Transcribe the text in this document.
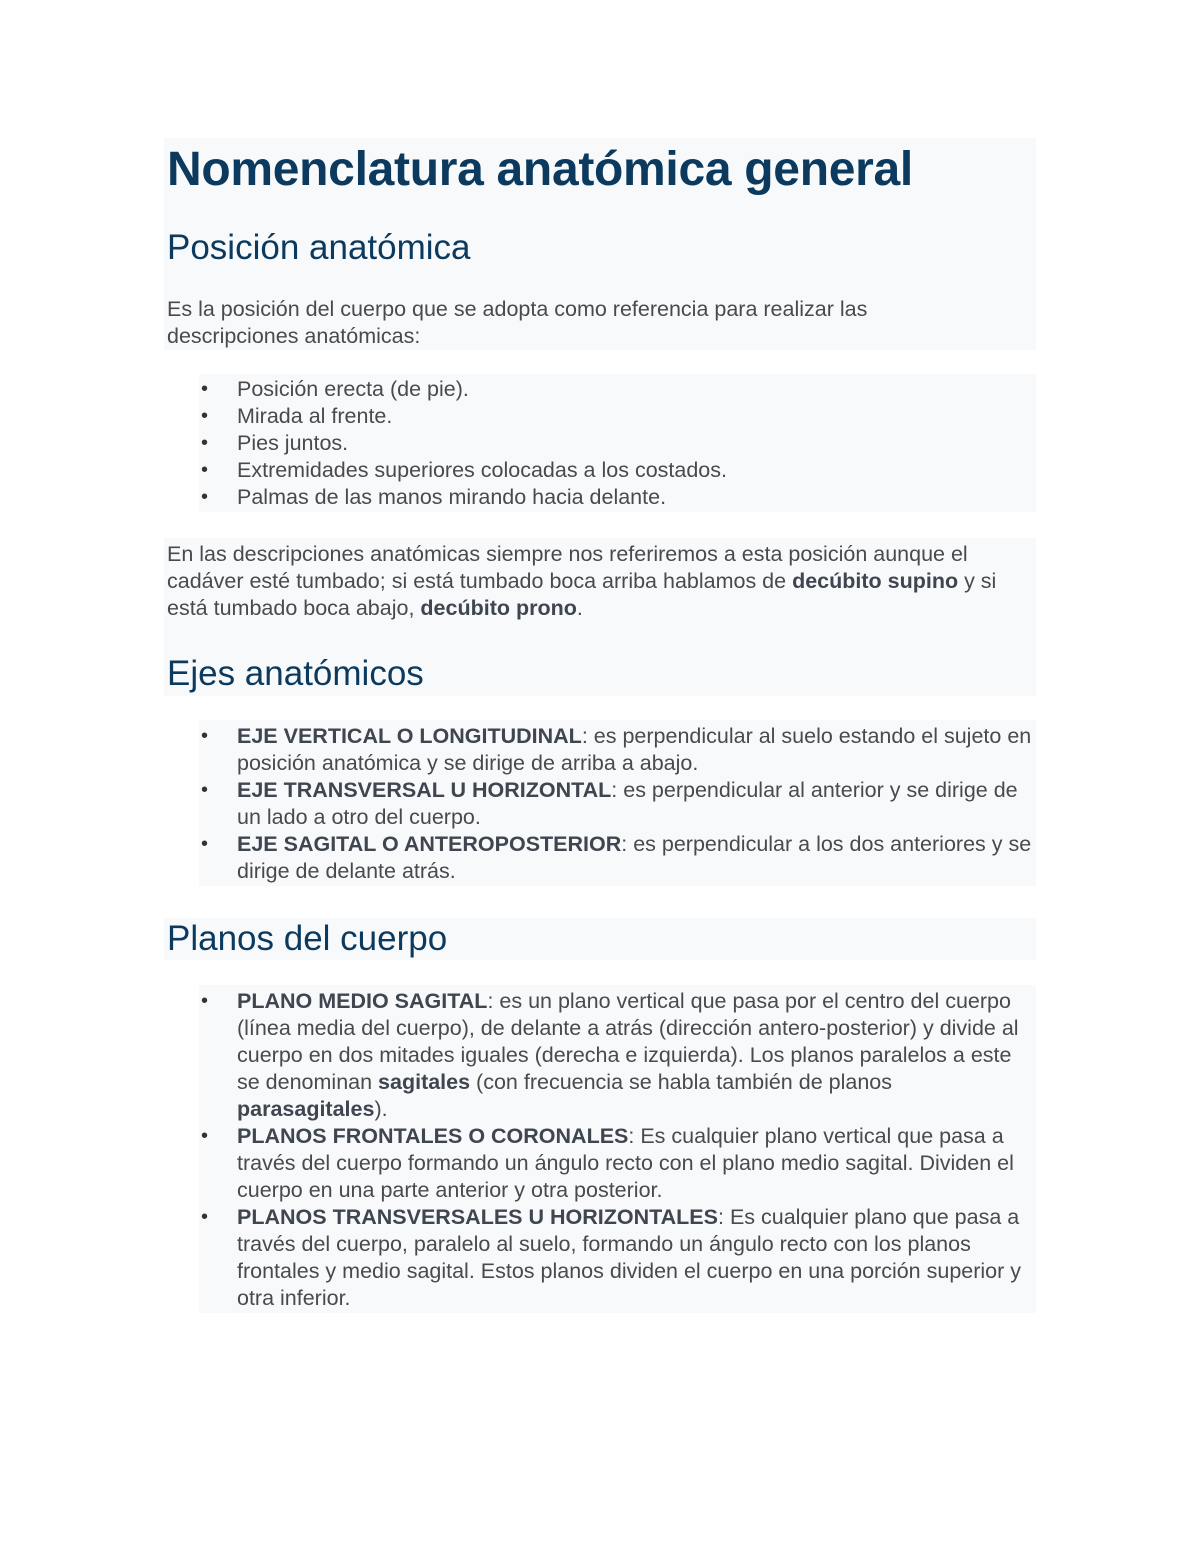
Nomenclatura anatómica general
Posición anatómica

Es la posición del cuerpo que se adopta como referencia para realizar las descripciones anatómicas:

• Posición erecta (de pie).
• Mirada al frente.
• Pies juntos.
• Extremidades superiores colocadas a los costados.
• Palmas de las manos mirando hacia delante.

En las descripciones anatómicas siempre nos referiremos a esta posición aunque el cadáver esté tumbado; si está tumbado boca arriba hablamos de decúbito supino y si está tumbado boca abajo, decúbito prono.

Ejes anatómicos
• EJE VERTICAL O LONGITUDINAL: es perpendicular al suelo estando el sujeto en posición anatómica y se dirige de arriba a abajo.
• EJE TRANSVERSAL U HORIZONTAL: es perpendicular al anterior y se dirige de un lado a otro del cuerpo.
• EJE SAGITAL O ANTEROPOSTERIOR: es perpendicular a los dos anteriores y se dirige de delante atrás.
Planos del cuerpo
• PLANO MEDIO SAGITAL: es un plano vertical que pasa por el centro del cuerpo (línea media del cuerpo), de delante a atrás (dirección antero-posterior) y divide al cuerpo en dos mitades iguales (derecha e izquierda). Los planos paralelos a este se denominan sagitales (con frecuencia se habla también de planos parasagitales).
• PLANOS FRONTALES O CORONALES: Es cualquier plano vertical que pasa a través del cuerpo formando un ángulo recto con el plano medio sagital. Dividen el cuerpo en una parte anterior y otra posterior.
• PLANOS TRANSVERSALES U HORIZONTALES: Es cualquier plano que pasa a través del cuerpo, paralelo al suelo, formando un ángulo recto con los planos frontales y medio sagital. Estos planos dividen el cuerpo en una porción superior y otra inferior.
